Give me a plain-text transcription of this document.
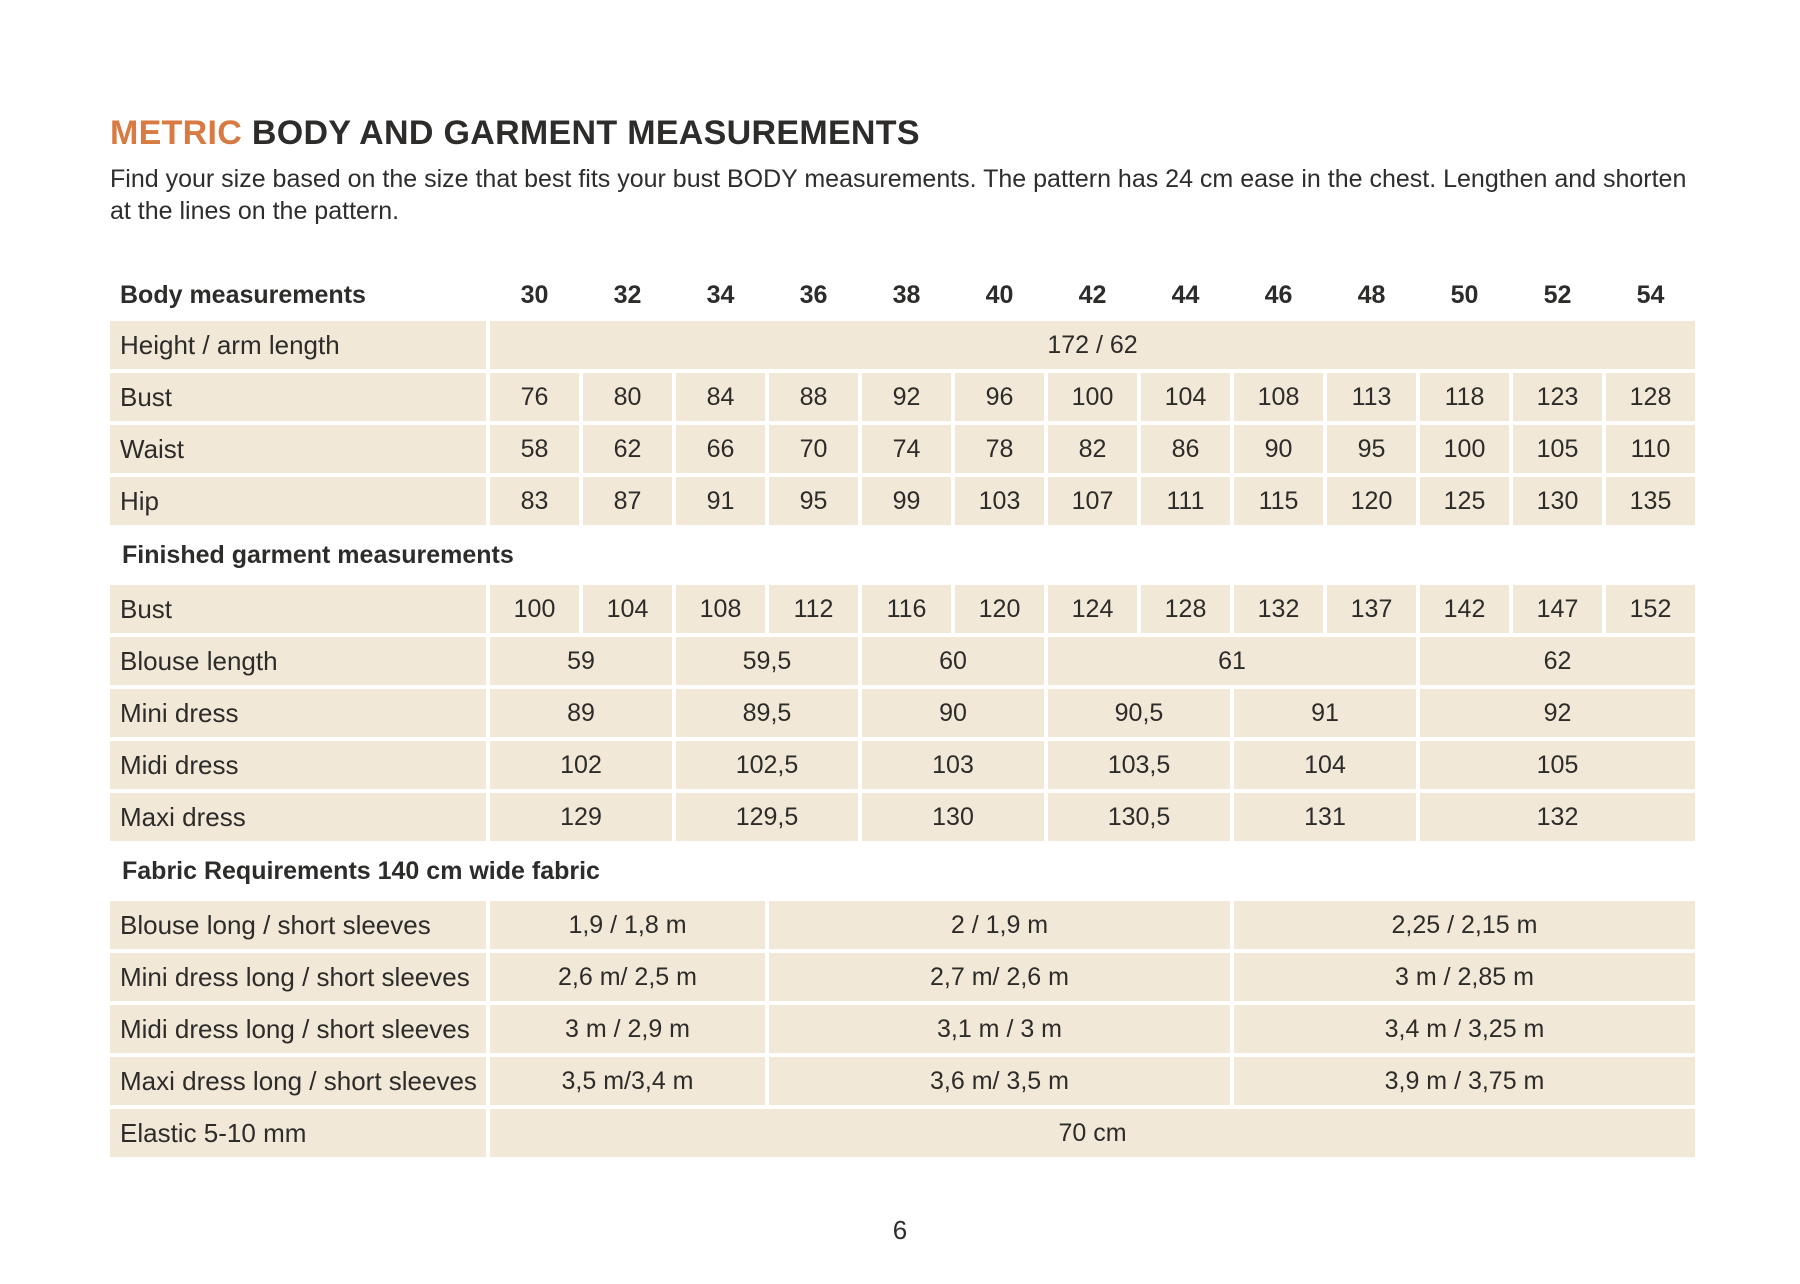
METRIC BODY AND GARMENT MEASUREMENTS

Find your size based on the size that best fits your bust BODY measurements. The pattern has 24 cm ease in the chest. Lengthen and shorten at the lines on the pattern.

Body measurements	30	32	34	36	38	40	42	44	46	48	50	52	54
Height / arm length	172 / 62												
Bust	76	80	84	88	92	96	100	104	108	113	118	123	128
Waist	58	62	66	70	74	78	82	86	90	95	100	105	110
Hip	83	87	91	95	99	103	107	111	115	120	125	130	135
Finished garment measurements													
Bust	100	104	108	112	116	120	124	128	132	137	142	147	152
Blouse length	59		59,5		60		61				62		
Mini dress	89		89,5		90		90,5		91		92		
Midi dress	102		102,5		103		103,5		104		105		
Maxi dress	129		129,5		130		130,5		131		132		
Fabric Requirements 140 cm wide fabric													
Blouse long / short sleeves	1,9 / 1,8 m			2 / 1,9 m					2,25 / 2,15 m				
Mini dress long / short sleeves	2,6 m/ 2,5 m			2,7 m/ 2,6 m					3 m / 2,85 m				
Midi dress long / short sleeves	3 m / 2,9 m			3,1 m / 3 m					3,4 m / 3,25 m				
Maxi dress long / short sleeves	3,5 m/3,4 m			3,6 m/ 3,5 m					3,9 m / 3,75 m				
Elastic 5-10 mm	70 cm												
6
